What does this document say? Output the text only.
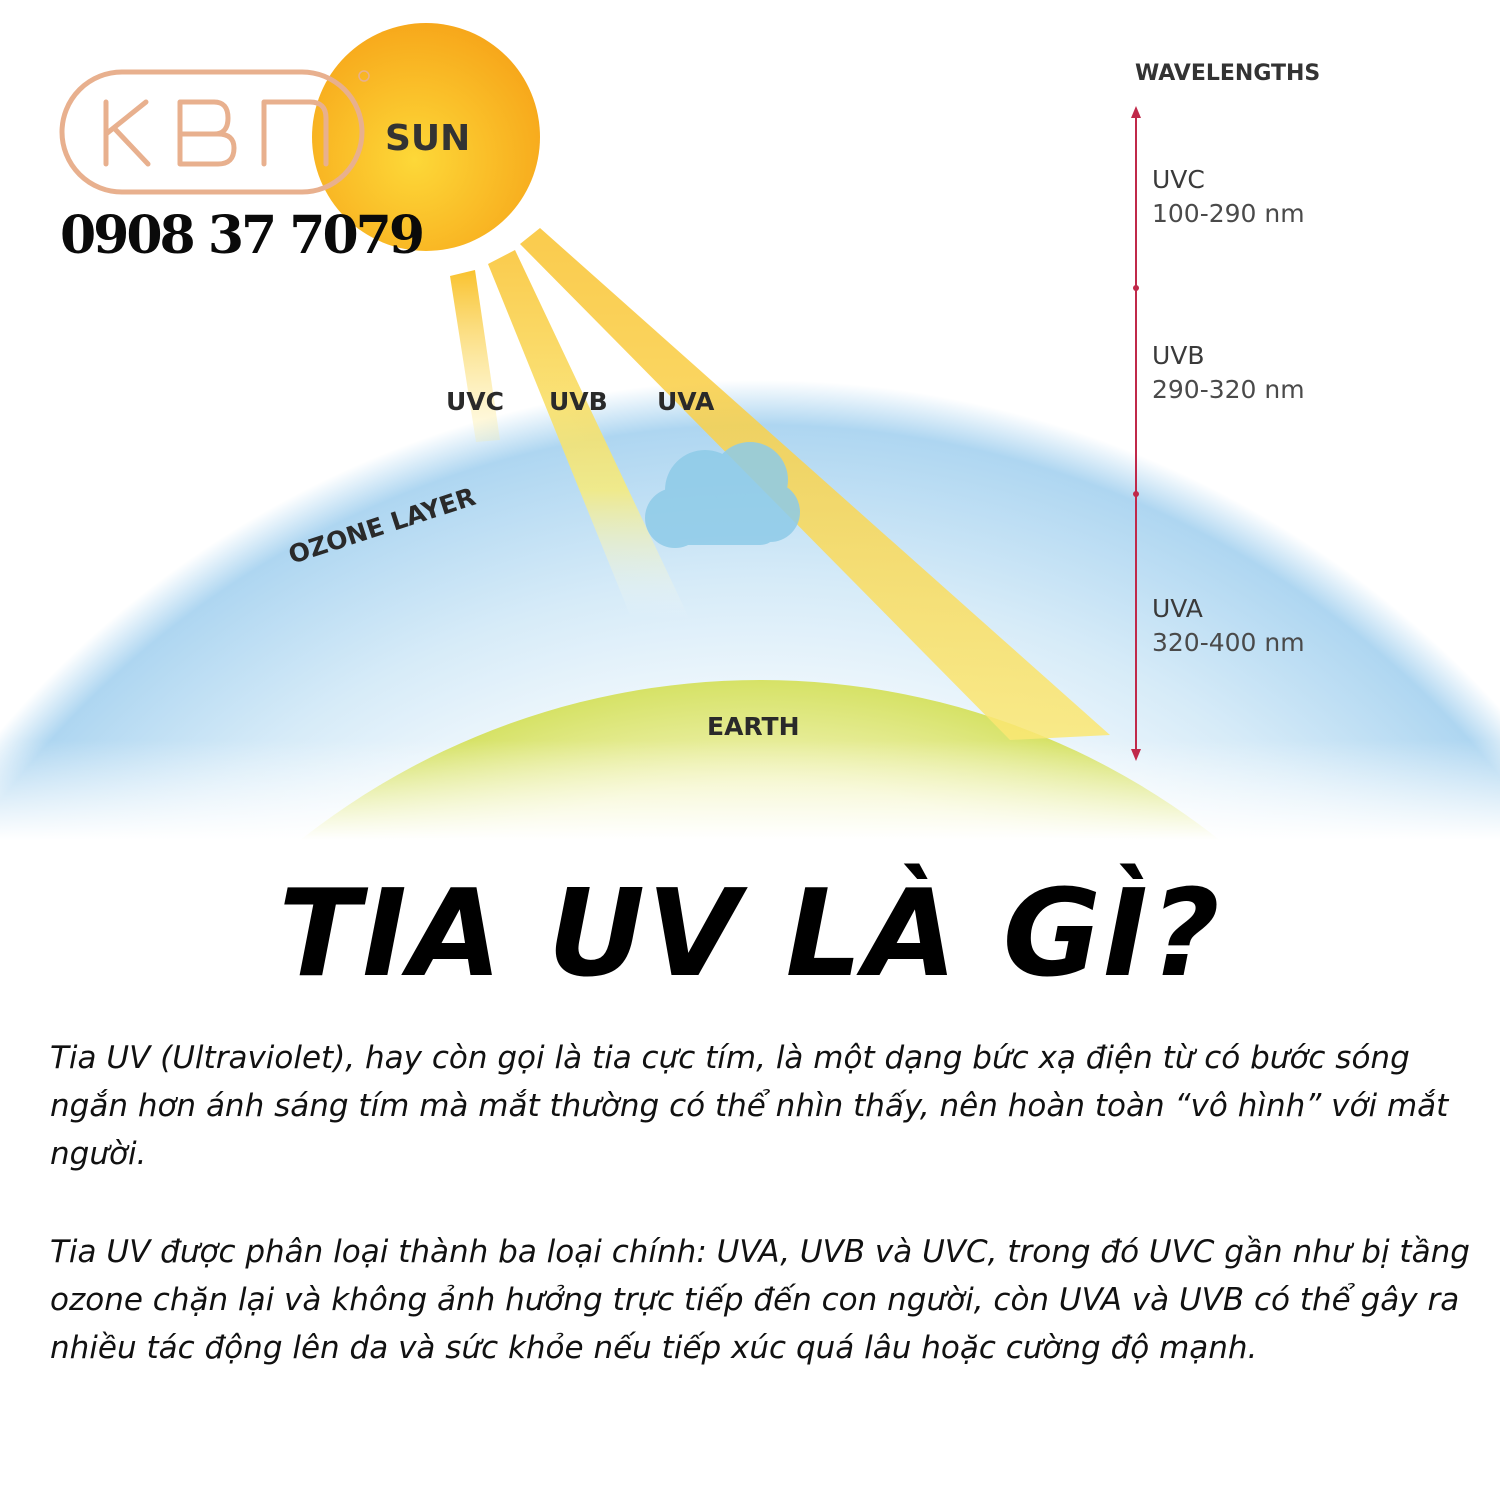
SUN
UVC UVB UVA
OZONE LAYER
EARTH
WAVELENGTHS
UVC
100-290 nm
UVB
290-320 nm
UVA
320-400 nm

0908 37 7079

TIA UV LÀ GÌ?

Tia UV (Ultraviolet), hay còn gọi là tia cực tím, là một dạng bức xạ điện từ có bước sóng ngắn hơn ánh sáng tím mà mắt thường có thể nhìn thấy, nên hoàn toàn “vô hình” với mắt người.

Tia UV được phân loại thành ba loại chính: UVA, UVB và UVC, trong đó UVC gần như bị tầng ozone chặn lại và không ảnh hưởng trực tiếp đến con người, còn UVA và UVB có thể gây ra nhiều tác động lên da và sức khỏe nếu tiếp xúc quá lâu hoặc cường độ mạnh.
